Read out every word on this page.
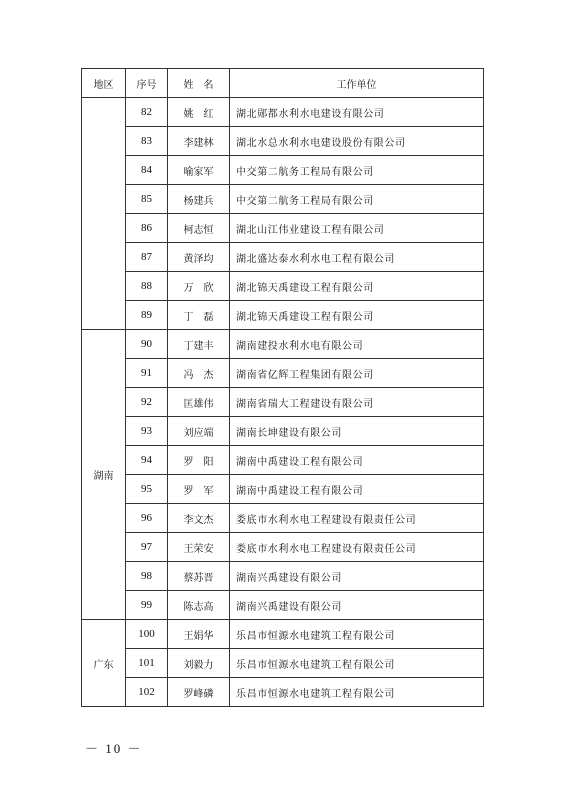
地区	序号	姓　名	工作单位
	82	姚　红	湖北郧都水利水电建设有限公司
	83	李建林	湖北水总水利水电建设股份有限公司
	84	喻家军	中交第二航务工程局有限公司
	85	杨建兵	中交第二航务工程局有限公司
	86	柯志恒	湖北山江伟业建设工程有限公司
	87	黄泽均	湖北盛达泰水利水电工程有限公司
	88	万　欣	湖北锦天禹建设工程有限公司
	89	丁　磊	湖北锦天禹建设工程有限公司
湖南	90	丁建丰	湖南建投水利水电有限公司
	91	冯　杰	湖南省亿辉工程集团有限公司
	92	匡雄伟	湖南省瑞大工程建设有限公司
	93	刘应端	湖南长坤建设有限公司
	94	罗　阳	湖南中禹建设工程有限公司
	95	罗　军	湖南中禹建设工程有限公司
	96	李文杰	娄底市水利水电工程建设有限责任公司
	97	王荣安	娄底市水利水电工程建设有限责任公司
	98	蔡苏晋	湖南兴禹建设有限公司
	99	陈志高	湖南兴禹建设有限公司
广东	100	王娟华	乐昌市恒源水电建筑工程有限公司
	101	刘毅力	乐昌市恒源水电建筑工程有限公司
	102	罗峰磷	乐昌市恒源水电建筑工程有限公司
－ 10 －
